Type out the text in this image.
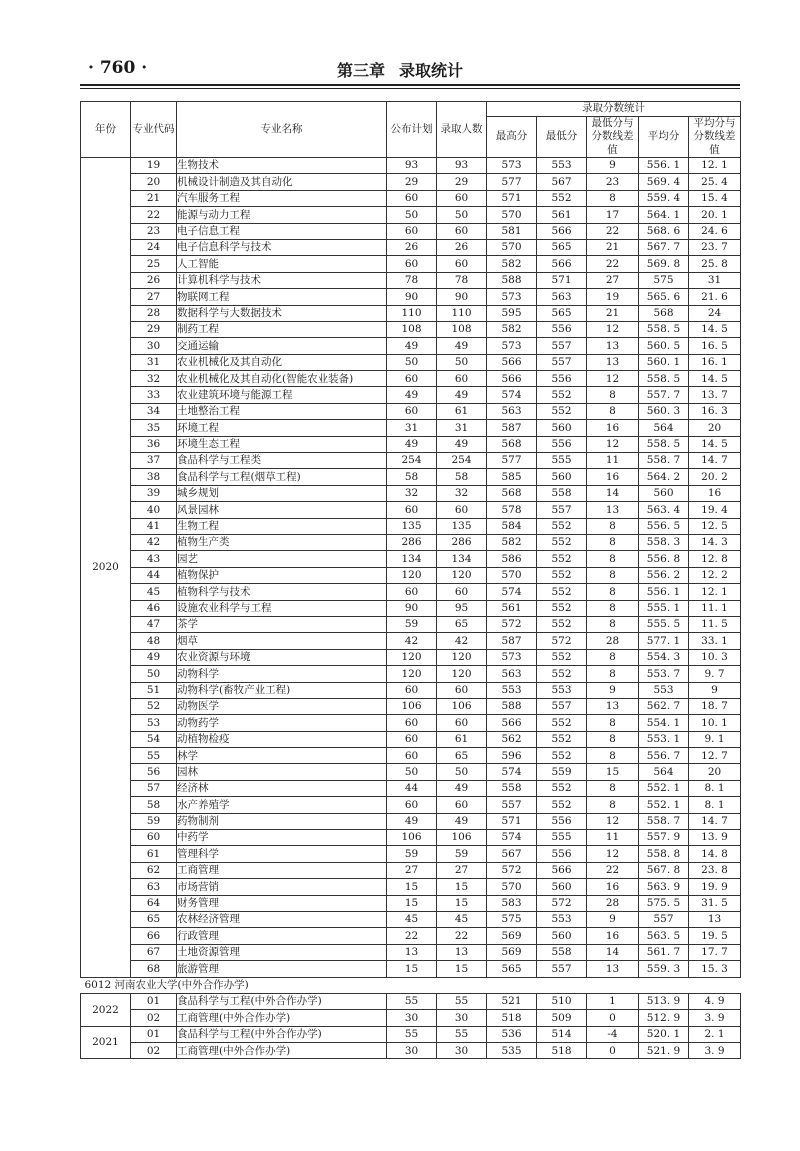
· 760 ·	第三章 录取统计
年份	专业代码	专业名称	公布计划	录取人数	录取分数统计				
					最高分	最低分	最低分与分数线差值	平均分	平均分与分数线差值
2020	19	生物技术	93	93	573	553	9	556. 1	12. 1
	20	机械设计制造及其自动化	29	29	577	567	23	569. 4	25. 4
	21	汽车服务工程	60	60	571	552	8	559. 4	15. 4
	22	能源与动力工程	50	50	570	561	17	564. 1	20. 1
	23	电子信息工程	60	60	581	566	22	568. 6	24. 6
	24	电子信息科学与技术	26	26	570	565	21	567. 7	23. 7
	25	人工智能	60	60	582	566	22	569. 8	25. 8
	26	计算机科学与技术	78	78	588	571	27	575	31
	27	物联网工程	90	90	573	563	19	565. 6	21. 6
	28	数据科学与大数据技术	110	110	595	565	21	568	24
	29	制药工程	108	108	582	556	12	558. 5	14. 5
	30	交通运输	49	49	573	557	13	560. 5	16. 5
	31	农业机械化及其自动化	50	50	566	557	13	560. 1	16. 1
	32	农业机械化及其自动化(智能农业装备)	60	60	566	556	12	558. 5	14. 5
	33	农业建筑环境与能源工程	49	49	574	552	8	557. 7	13. 7
	34	土地整治工程	60	61	563	552	8	560. 3	16. 3
	35	环境工程	31	31	587	560	16	564	20
	36	环境生态工程	49	49	568	556	12	558. 5	14. 5
	37	食品科学与工程类	254	254	577	555	11	558. 7	14. 7
	38	食品科学与工程(烟草工程)	58	58	585	560	16	564. 2	20. 2
	39	城乡规划	32	32	568	558	14	560	16
	40	风景园林	60	60	578	557	13	563. 4	19. 4
	41	生物工程	135	135	584	552	8	556. 5	12. 5
	42	植物生产类	286	286	582	552	8	558. 3	14. 3
	43	园艺	134	134	586	552	8	556. 8	12. 8
	44	植物保护	120	120	570	552	8	556. 2	12. 2
	45	植物科学与技术	60	60	574	552	8	556. 1	12. 1
	46	设施农业科学与工程	90	95	561	552	8	555. 1	11. 1
	47	茶学	59	65	572	552	8	555. 5	11. 5
	48	烟草	42	42	587	572	28	577. 1	33. 1
	49	农业资源与环境	120	120	573	552	8	554. 3	10. 3
	50	动物科学	120	120	563	552	8	553. 7	9. 7
	51	动物科学(畜牧产业工程)	60	60	553	553	9	553	9
	52	动物医学	106	106	588	557	13	562. 7	18. 7
	53	动物药学	60	60	566	552	8	554. 1	10. 1
	54	动植物检疫	60	61	562	552	8	553. 1	9. 1
	55	林学	60	65	596	552	8	556. 7	12. 7
	56	园林	50	50	574	559	15	564	20
	57	经济林	44	49	558	552	8	552. 1	8. 1
	58	水产养殖学	60	60	557	552	8	552. 1	8. 1
	59	药物制剂	49	49	571	556	12	558. 7	14. 7
	60	中药学	106	106	574	555	11	557. 9	13. 9
	61	管理科学	59	59	567	556	12	558. 8	14. 8
	62	工商管理	27	27	572	566	22	567. 8	23. 8
	63	市场营销	15	15	570	560	16	563. 9	19. 9
	64	财务管理	15	15	583	572	28	575. 5	31. 5
	65	农林经济管理	45	45	575	553	9	557	13
	66	行政管理	22	22	569	560	16	563. 5	19. 5
	67	土地资源管理	13	13	569	558	14	561. 7	17. 7
	68	旅游管理	15	15	565	557	13	559. 3	15. 3
6012 河南农业大学(中外合作办学)									
2022	01	食品科学与工程(中外合作办学)	55	55	521	510	1	513. 9	4. 9
	02	工商管理(中外合作办学)	30	30	518	509	0	512. 9	3. 9
2021	01	食品科学与工程(中外合作办学)	55	55	536	514	-4	520. 1	2. 1
	02	工商管理(中外合作办学)	30	30	535	518	0	521. 9	3. 9
